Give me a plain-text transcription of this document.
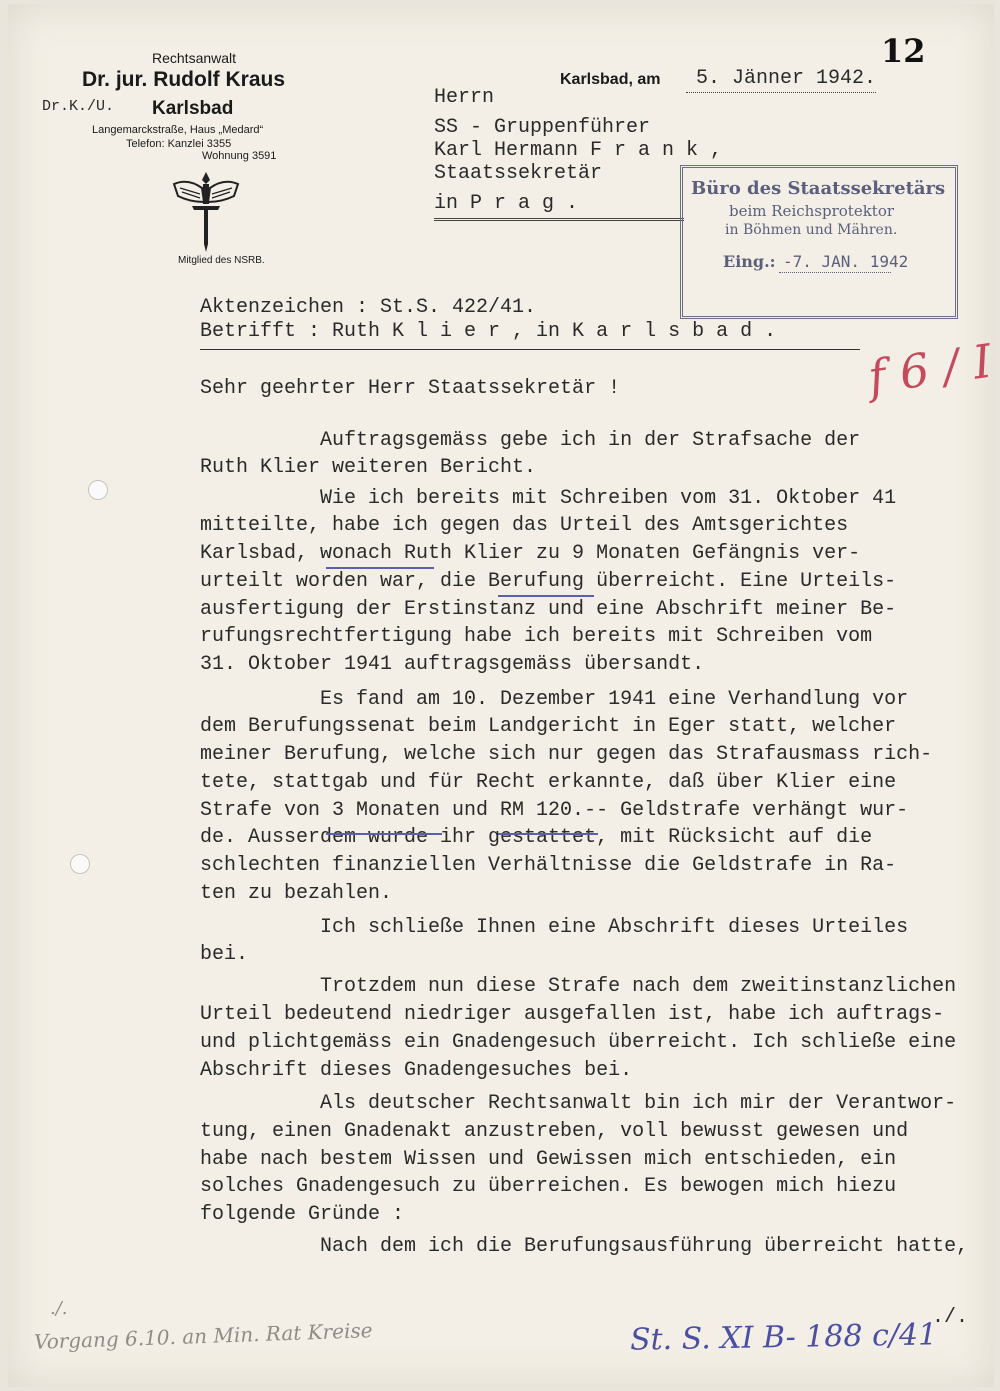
12
Rechtsanwalt
Dr. jur. Rudolf Kraus
Dr.K./U. Karlsbad
Langemarckstraße, Haus „Medard“
Telefon: Kanzlei 3355
Wohnung 3591
Mitglied des NSRB.
Karlsbad, am 5. Jänner 1942.
Herrn
SS - Gruppenführer
Karl Hermann F r a n k ,
Staatssekretär
in P r a g .
Büro des Staatssekretärs
beim Reichsprotektor
in Böhmen und Mähren.
Eing.: -7. JAN. 1942
Aktenzeichen : St.S. 422/41.
Betrifft : Ruth K l i e r , in K a r l s b a d .
Sehr geehrter Herr Staatssekretär !

Auftragsgemäss gebe ich in der Strafsache der

Ruth Klier weiteren Bericht.

Wie ich bereits mit Schreiben vom 31. Oktober 41

mitteilte, habe ich gegen das Urteil des Amtsgerichtes

Karlsbad, wonach Ruth Klier zu 9 Monaten Gefängnis ver-

urteilt worden war, die Berufung überreicht. Eine Urteils-

ausfertigung der Erstinstanz und eine Abschrift meiner Be-

rufungsrechtfertigung habe ich bereits mit Schreiben vom

31. Oktober 1941 auftragsgemäss übersandt.

Es fand am 10. Dezember 1941 eine Verhandlung vor

dem Berufungssenat beim Landgericht in Eger statt, welcher

meiner Berufung, welche sich nur gegen das Strafausmass rich-

tete, stattgab und für Recht erkannte, daß über Klier eine

Strafe von 3 Monaten und RM 120.-- Geldstrafe verhängt wur-

de. Ausserdem wurde ihr gestattet, mit Rücksicht auf die

schlechten finanziellen Verhältnisse die Geldstrafe in Ra-

ten zu bezahlen.

Ich schließe Ihnen eine Abschrift dieses Urteiles

bei.

Trotzdem nun diese Strafe nach dem zweitinstanzlichen

Urteil bedeutend niedriger ausgefallen ist, habe ich auftrags-

und plichtgemäss ein Gnadengesuch überreicht. Ich schließe eine

Abschrift dieses Gnadengesuches bei.

Als deutscher Rechtsanwalt bin ich mir der Verantwor-

tung, einen Gnadenakt anzustreben, voll bewusst gewesen und

habe nach bestem Wissen und Gewissen mich entschieden, ein

solches Gnadengesuch zu überreichen. Es bewogen mich hiezu

folgende Gründe :

Nach dem ich die Berufungsausführung überreicht hatte,

f 6 / I
./.
./.
Vorgang 6.10. an Min. Rat Kreise	St. S. XI B- 188 c/41
